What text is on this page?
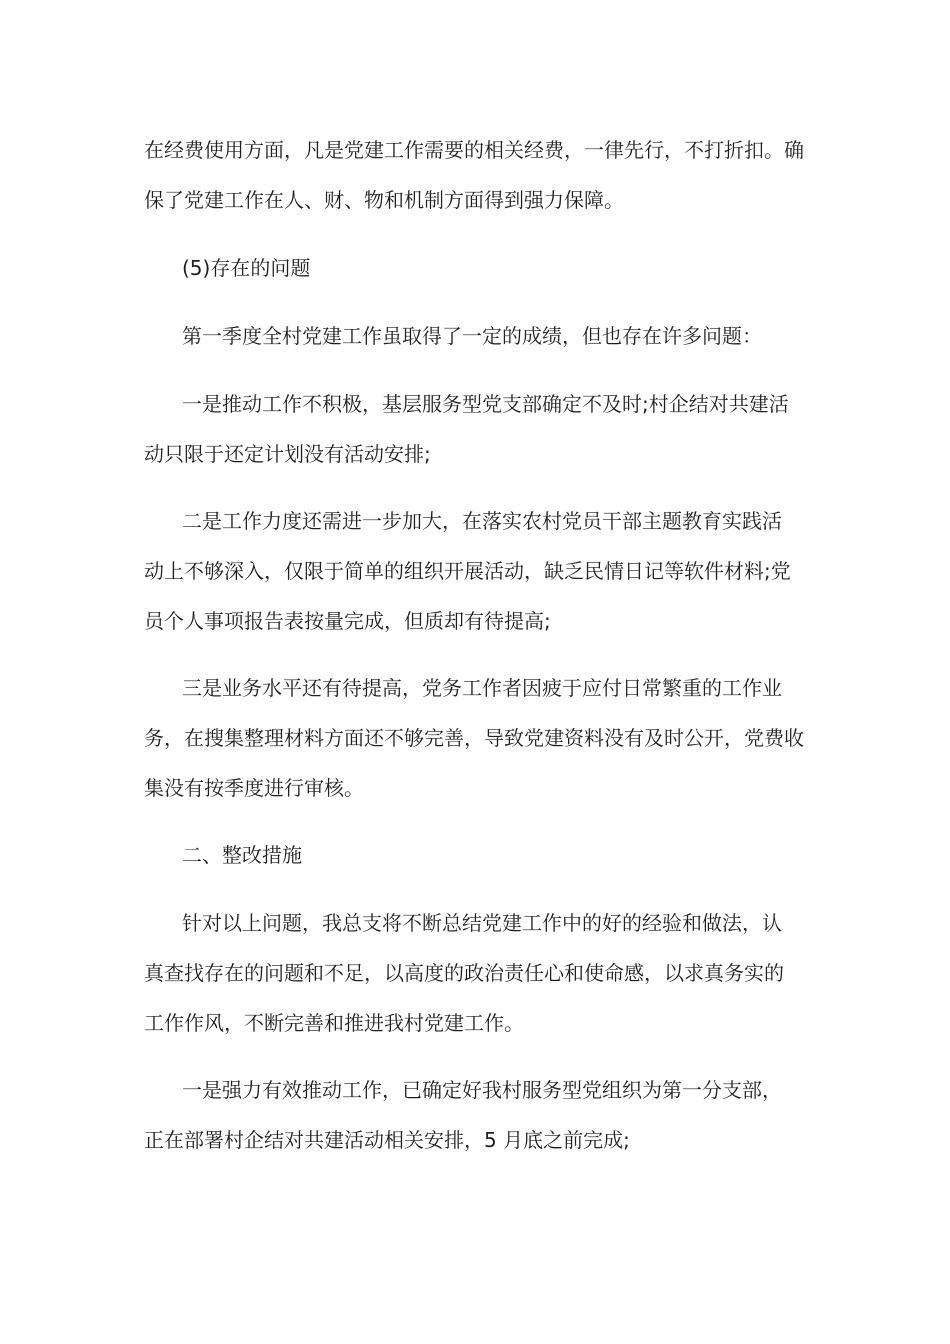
在经费使用方面，凡是党建工作需要的相关经费，一律先行，不打折扣。确
保了党建工作在人、财、物和机制方面得到强力保障。
(5)存在的问题
第一季度全村党建工作虽取得了一定的成绩，但也存在许多问题：
一是推动工作不积极，基层服务型党支部确定不及时;村企结对共建活
动只限于还定计划没有活动安排;
二是工作力度还需进一步加大，在落实农村党员干部主题教育实践活
动上不够深入，仅限于简单的组织开展活动，缺乏民情日记等软件材料;党
员个人事项报告表按量完成，但质却有待提高;
三是业务水平还有待提高，党务工作者因疲于应付日常繁重的工作业
务，在搜集整理材料方面还不够完善，导致党建资料没有及时公开，党费收
集没有按季度进行审核。
二、整改措施
针对以上问题，我总支将不断总结党建工作中的好的经验和做法，认
真查找存在的问题和不足，以高度的政治责任心和使命感，以求真务实的
工作作风，不断完善和推进我村党建工作。
一是强力有效推动工作，已确定好我村服务型党组织为第一分支部，
正在部署村企结对共建活动相关安排，5 月底之前完成;
